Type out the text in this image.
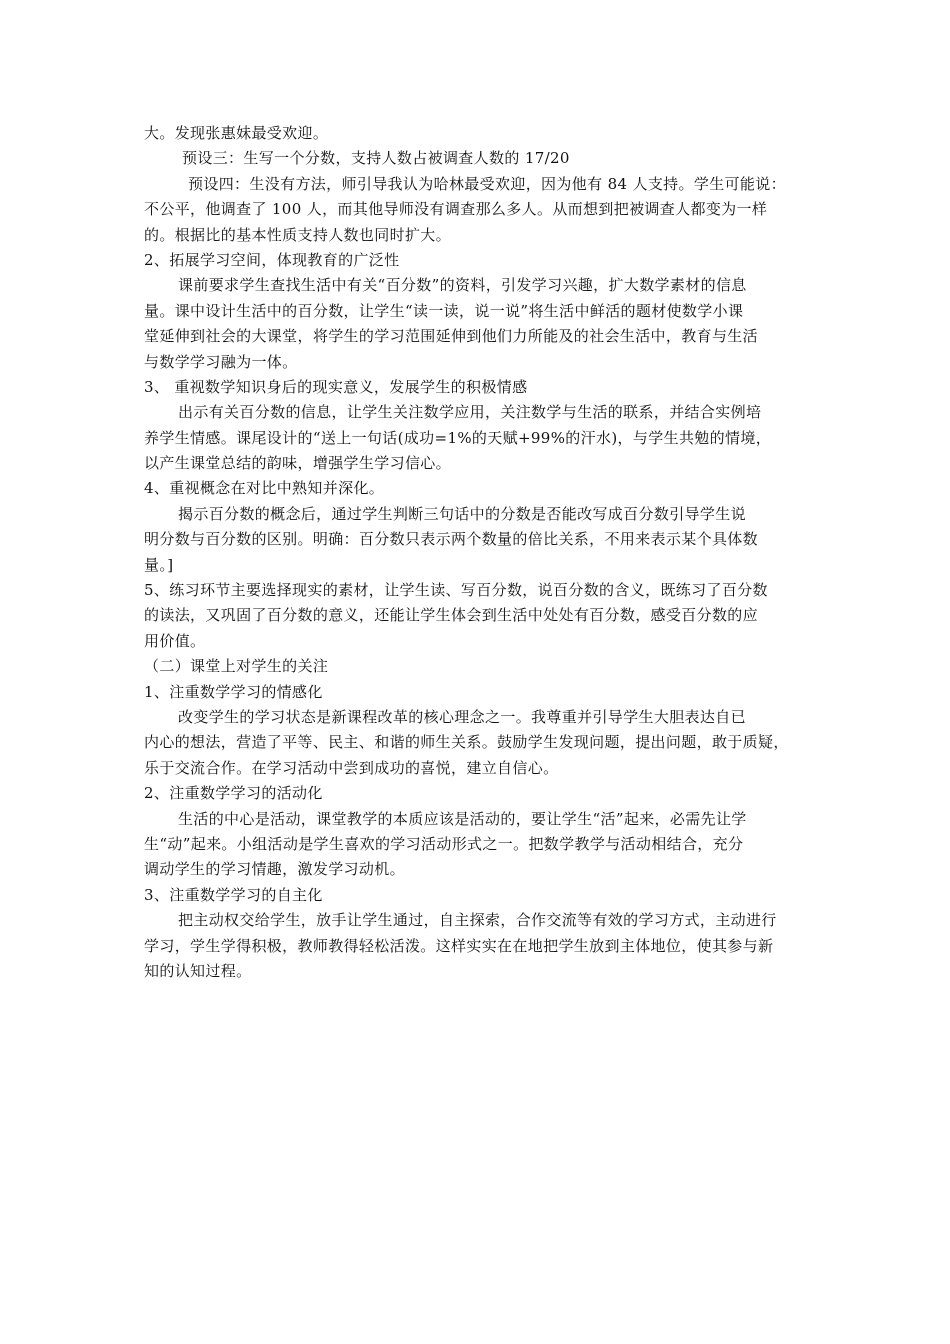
大。发现张惠妹最受欢迎。
预设三：生写一个分数，支持人数占被调查人数的 17/20
预设四：生没有方法，师引导我认为哈林最受欢迎，因为他有 84 人支持。学生可能说：
不公平，他调查了 100 人，而其他导师没有调查那么多人。从而想到把被调查人都变为一样
的。根据比的基本性质支持人数也同时扩大。
2、拓展学习空间，体现教育的广泛性
课前要求学生查找生活中有关“百分数”的资料，引发学习兴趣，扩大数学素材的信息
量。课中设计生活中的百分数，让学生“读一读，说一说”将生活中鲜活的题材使数学小课
堂延伸到社会的大课堂，将学生的学习范围延伸到他们力所能及的社会生活中，教育与生活
与数学学习融为一体。
3、 重视数学知识身后的现实意义，发展学生的积极情感
出示有关百分数的信息，让学生关注数学应用，关注数学与生活的联系，并结合实例培
养学生情感。课尾设计的“送上一句话(成功=1%的天赋+99%的汗水)，与学生共勉的情境，
以产生课堂总结的韵味，增强学生学习信心。
4、重视概念在对比中熟知并深化。
揭示百分数的概念后，通过学生判断三句话中的分数是否能改写成百分数引导学生说
明分数与百分数的区别。明确：百分数只表示两个数量的倍比关系，不用来表示某个具体数
量。]
5、练习环节主要选择现实的素材，让学生读、写百分数，说百分数的含义，既练习了百分数
的读法，又巩固了百分数的意义，还能让学生体会到生活中处处有百分数，感受百分数的应
用价值。
（二）课堂上对学生的关注
1、注重数学学习的情感化
改变学生的学习状态是新课程改革的核心理念之一。我尊重并引导学生大胆表达自已
内心的想法，营造了平等、民主、和谐的师生关系。鼓励学生发现问题，提出问题，敢于质疑，
乐于交流合作。在学习活动中尝到成功的喜悦，建立自信心。
2、注重数学学习的活动化
生活的中心是活动，课堂教学的本质应该是活动的，要让学生“活”起来，必需先让学
生“动”起来。小组活动是学生喜欢的学习活动形式之一。把数学教学与活动相结合，充分
调动学生的学习情趣，激发学习动机。
3、注重数学学习的自主化
把主动权交给学生，放手让学生通过，自主探索，合作交流等有效的学习方式，主动进行
学习，学生学得积极，教师教得轻松活泼。这样实实在在地把学生放到主体地位，使其参与新
知的认知过程。
